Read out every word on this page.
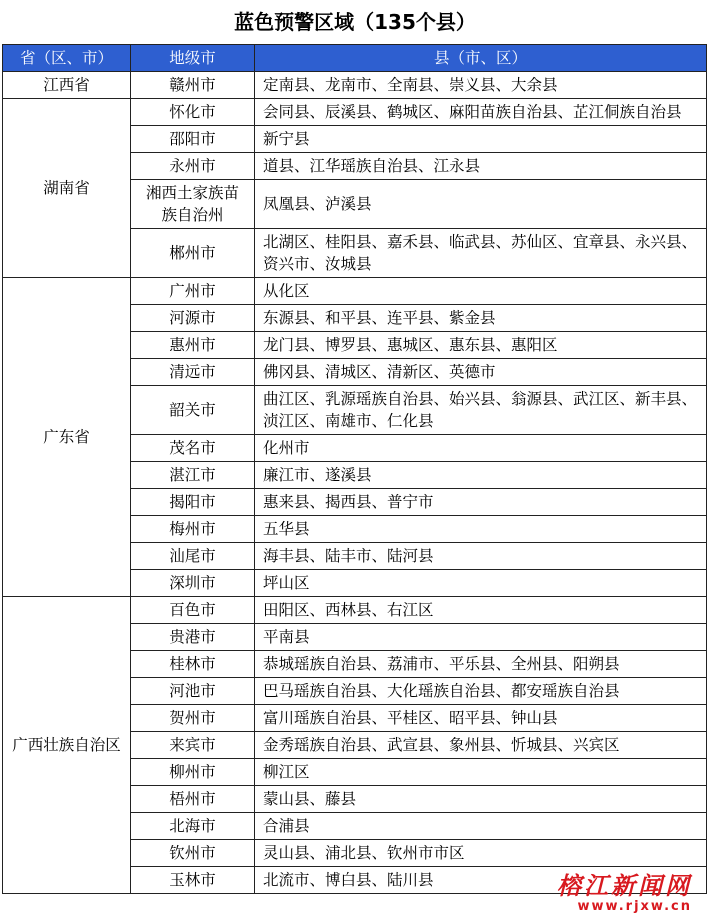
蓝色预警区域（135个县）
省（区、市）	地级市	县（市、区）
江西省	赣州市	定南县、龙南市、全南县、崇义县、大余县
湖南省	怀化市	会同县、辰溪县、鹤城区、麻阳苗族自治县、芷江侗族自治县
	邵阳市	新宁县
	永州市	道县、江华瑶族自治县、江永县
	湘西土家族苗族自治州	凤凰县、泸溪县
	郴州市	北湖区、桂阳县、嘉禾县、临武县、苏仙区、宜章县、永兴县、资兴市、汝城县
广东省	广州市	从化区
	河源市	东源县、和平县、连平县、紫金县
	惠州市	龙门县、博罗县、惠城区、惠东县、惠阳区
	清远市	佛冈县、清城区、清新区、英德市
	韶关市	曲江区、乳源瑶族自治县、始兴县、翁源县、武江区、新丰县、浈江区、南雄市、仁化县
	茂名市	化州市
	湛江市	廉江市、遂溪县
	揭阳市	惠来县、揭西县、普宁市
	梅州市	五华县
	汕尾市	海丰县、陆丰市、陆河县
	深圳市	坪山区
广西壮族自治区	百色市	田阳区、西林县、右江区
	贵港市	平南县
	桂林市	恭城瑶族自治县、荔浦市、平乐县、全州县、阳朔县
	河池市	巴马瑶族自治县、大化瑶族自治县、都安瑶族自治县
	贺州市	富川瑶族自治县、平桂区、昭平县、钟山县
	来宾市	金秀瑶族自治县、武宣县、象州县、忻城县、兴宾区
	柳州市	柳江区
	梧州市	蒙山县、藤县
	北海市	合浦县
	钦州市	灵山县、浦北县、钦州市市区
	玉林市	北流市、博白县、陆川县	榕江新闻网
www.rjxw.cn
